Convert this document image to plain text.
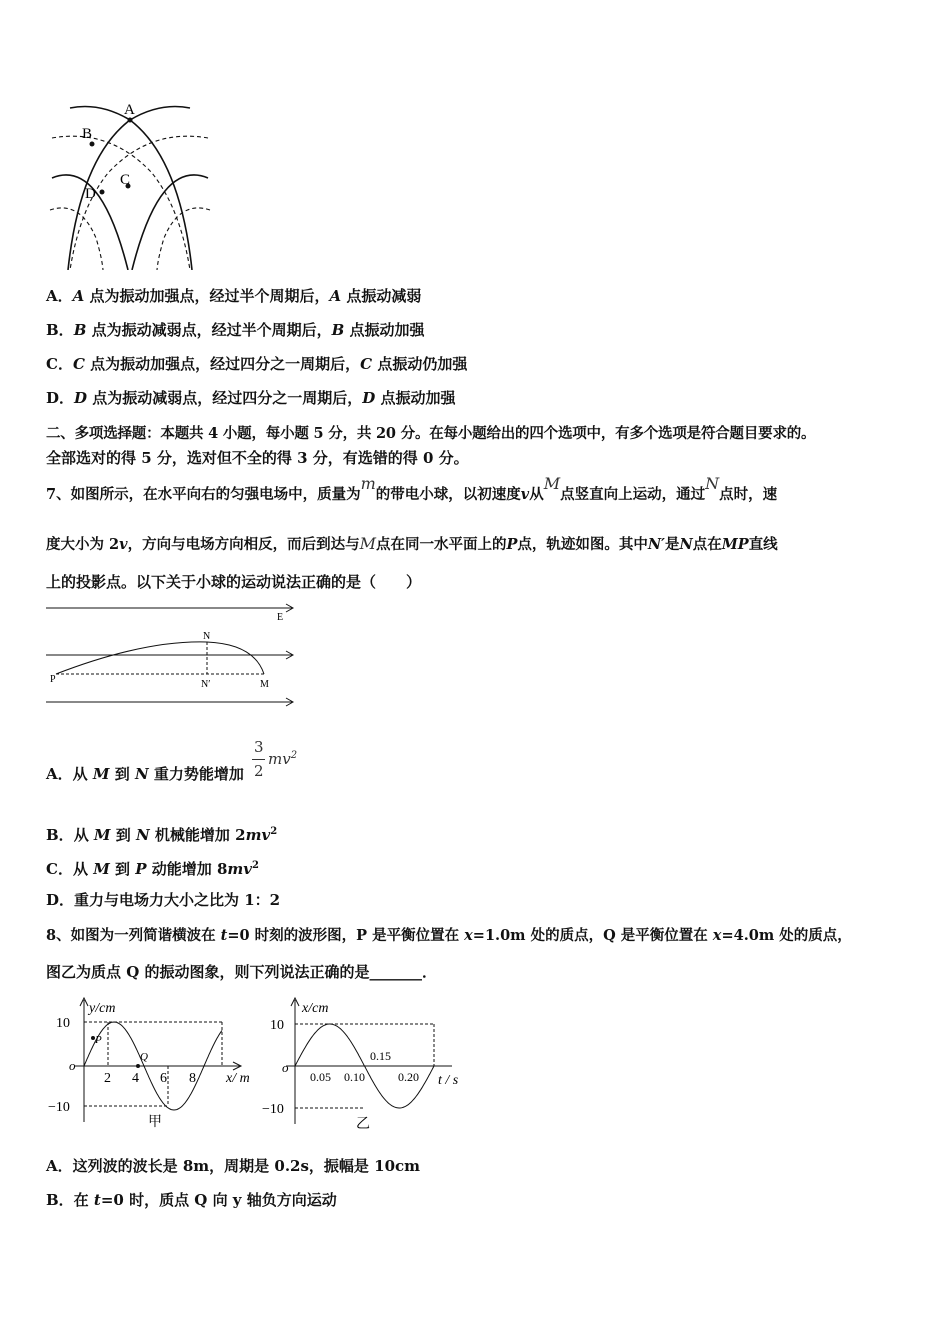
A
B
C
D
A．A 点为振动加强点，经过半个周期后，A 点振动减弱
B．B 点为振动减弱点，经过半个周期后，B 点振动加强
C．C 点为振动加强点，经过四分之一周期后，C 点振动仍加强
D．D 点为振动减弱点，经过四分之一周期后，D 点振动加强
二、多项选择题：本题共 4 小题，每小题 5 分，共 20 分。在每小题给出的四个选项中，有多个选项是符合题目要求的。
全部选对的得 5 分，选对但不全的得 3 分，有选错的得 0 分。
7、如图所示，在水平向右的匀强电场中，质量为m的带电小球，以初速度v从M点竖直向上运动，通过N点时，速
度大小为 2v，方向与电场方向相反，而后到达与M点在同一水平面上的P点，轨迹如图。其中N′是N点在MP直线
上的投影点。以下关于小球的运动说法正确的是（　　）
E
N
N′
P	M
A．从 M 到 N 重力势能增加
3
2
$mv^2$
B．从 M 到 N 机械能增加 $2mv^2$
C．从 M 到 P 动能增加 $8mv^2$
D．重力与电场力大小之比为 1：2
8、如图为一列简谐横波在 t=0 时刻的波形图，P 是平衡位置在 x=1.0m 处的质点，Q 是平衡位置在 x=4.0m 处的质点，
图乙为质点 Q 的振动图象，则下列说法正确的是_______．
y/cm
10
−10
o
2 4 6 8 x/ m
P
Q
甲
x/cm
10
−10
o
0.05 0.10
0.15
0.20 t / s
乙
A．这列波的波长是 8m，周期是 0.2s，振幅是 10cm
B．在 t=0 时，质点 Q 向 y 轴负方向运动
